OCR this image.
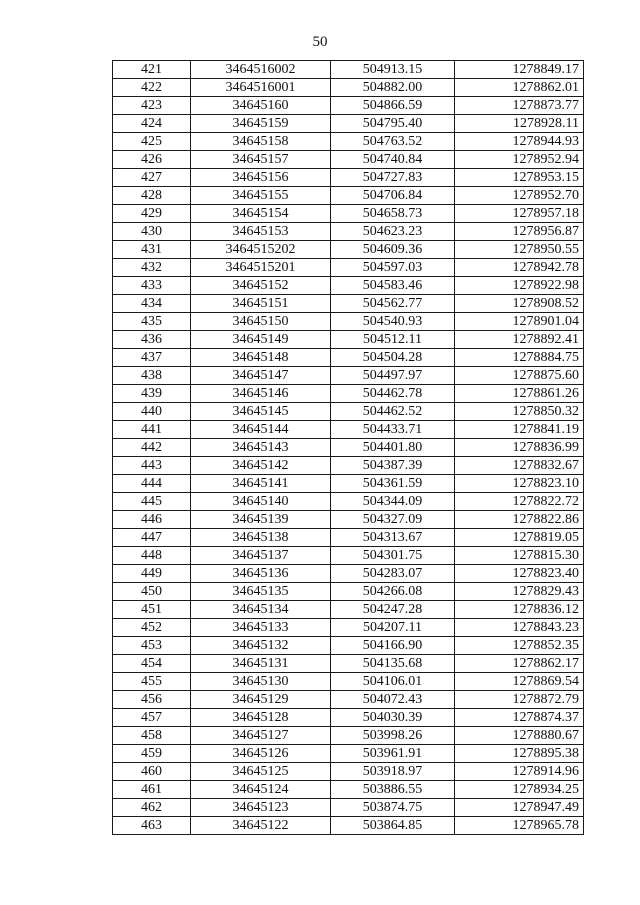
50
421	3464516002	504913.15	1278849.17
422	3464516001	504882.00	1278862.01
423	34645160	504866.59	1278873.77
424	34645159	504795.40	1278928.11
425	34645158	504763.52	1278944.93
426	34645157	504740.84	1278952.94
427	34645156	504727.83	1278953.15
428	34645155	504706.84	1278952.70
429	34645154	504658.73	1278957.18
430	34645153	504623.23	1278956.87
431	3464515202	504609.36	1278950.55
432	3464515201	504597.03	1278942.78
433	34645152	504583.46	1278922.98
434	34645151	504562.77	1278908.52
435	34645150	504540.93	1278901.04
436	34645149	504512.11	1278892.41
437	34645148	504504.28	1278884.75
438	34645147	504497.97	1278875.60
439	34645146	504462.78	1278861.26
440	34645145	504462.52	1278850.32
441	34645144	504433.71	1278841.19
442	34645143	504401.80	1278836.99
443	34645142	504387.39	1278832.67
444	34645141	504361.59	1278823.10
445	34645140	504344.09	1278822.72
446	34645139	504327.09	1278822.86
447	34645138	504313.67	1278819.05
448	34645137	504301.75	1278815.30
449	34645136	504283.07	1278823.40
450	34645135	504266.08	1278829.43
451	34645134	504247.28	1278836.12
452	34645133	504207.11	1278843.23
453	34645132	504166.90	1278852.35
454	34645131	504135.68	1278862.17
455	34645130	504106.01	1278869.54
456	34645129	504072.43	1278872.79
457	34645128	504030.39	1278874.37
458	34645127	503998.26	1278880.67
459	34645126	503961.91	1278895.38
460	34645125	503918.97	1278914.96
461	34645124	503886.55	1278934.25
462	34645123	503874.75	1278947.49
463	34645122	503864.85	1278965.78
